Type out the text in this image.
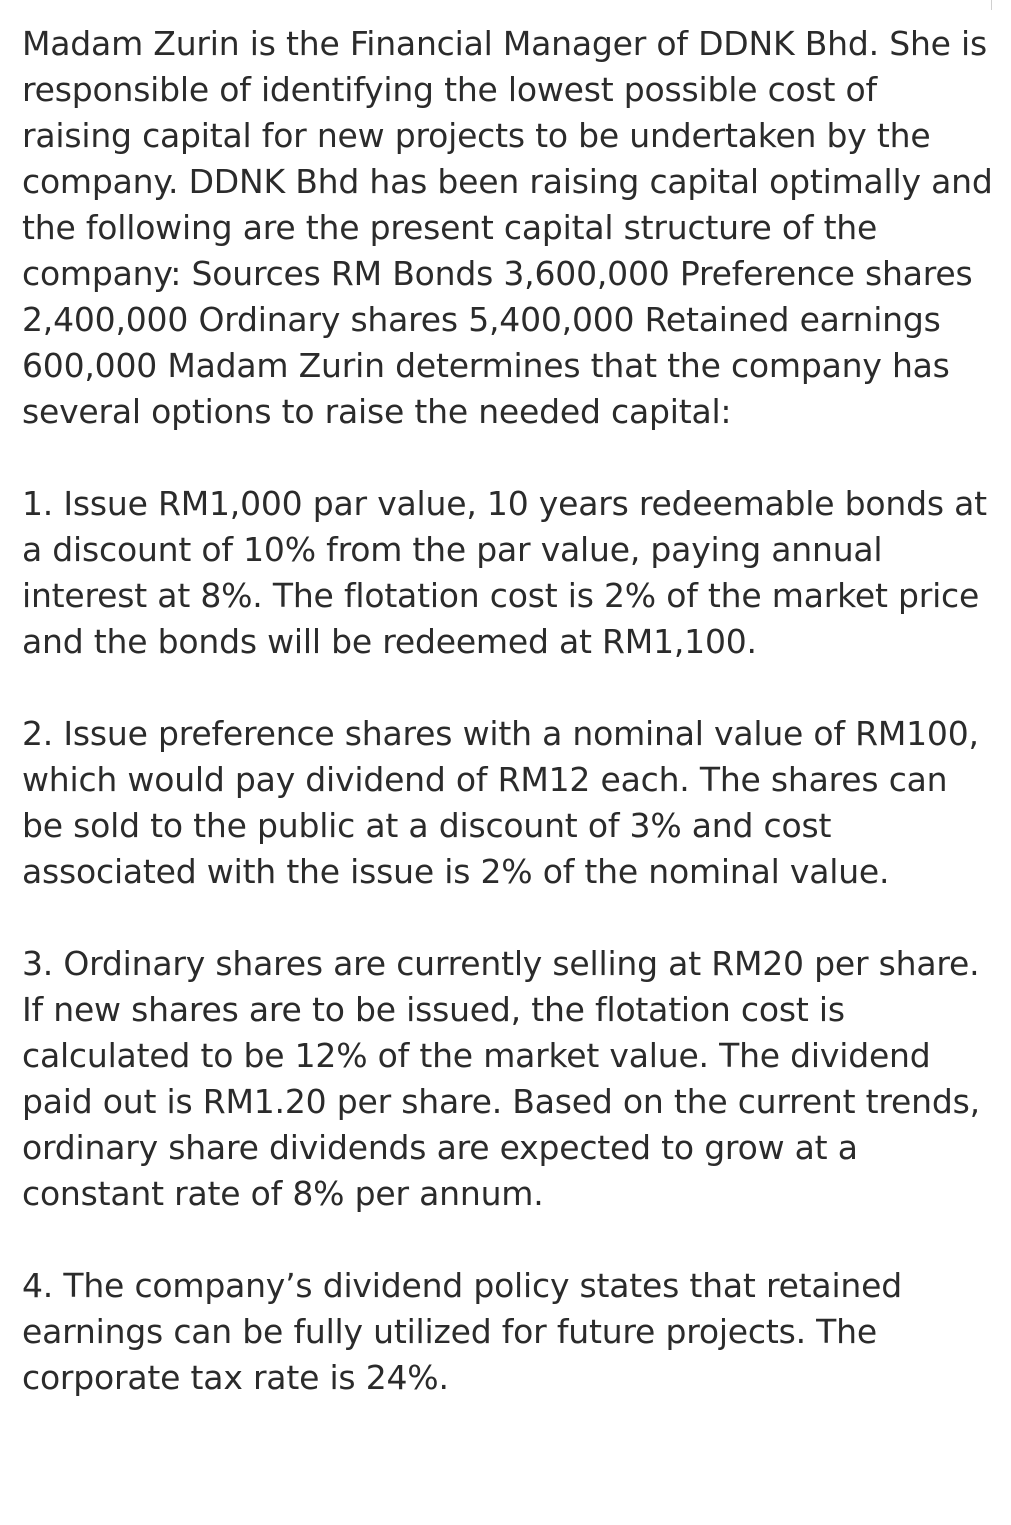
Madam Zurin is the Financial Manager of DDNK Bhd. She is responsible of identifying the lowest possible cost of raising capital for new projects to be undertaken by the company. DDNK Bhd has been raising capital optimally and the following are the present capital structure of the company: Sources RM Bonds 3,600,000 Preference shares 2,400,000 Ordinary shares 5,400,000 Retained earnings 600,000 Madam Zurin determines that the company has several options to raise the needed capital:

1. Issue RM1,000 par value, 10 years redeemable bonds at a discount of 10% from the par value, paying annual interest at 8%. The flotation cost is 2% of the market price and the bonds will be redeemed at RM1,100.

2. Issue preference shares with a nominal value of RM100, which would pay dividend of RM12 each. The shares can be sold to the public at a discount of 3% and cost associated with the issue is 2% of the nominal value.

3. Ordinary shares are currently selling at RM20 per share. If new shares are to be issued, the flotation cost is calculated to be 12% of the market value. The dividend paid out is RM1.20 per share. Based on the current trends, ordinary share dividends are expected to grow at a constant rate of 8% per annum.

4. The company’s dividend policy states that retained earnings can be fully utilized for future projects. The corporate tax rate is 24%.
